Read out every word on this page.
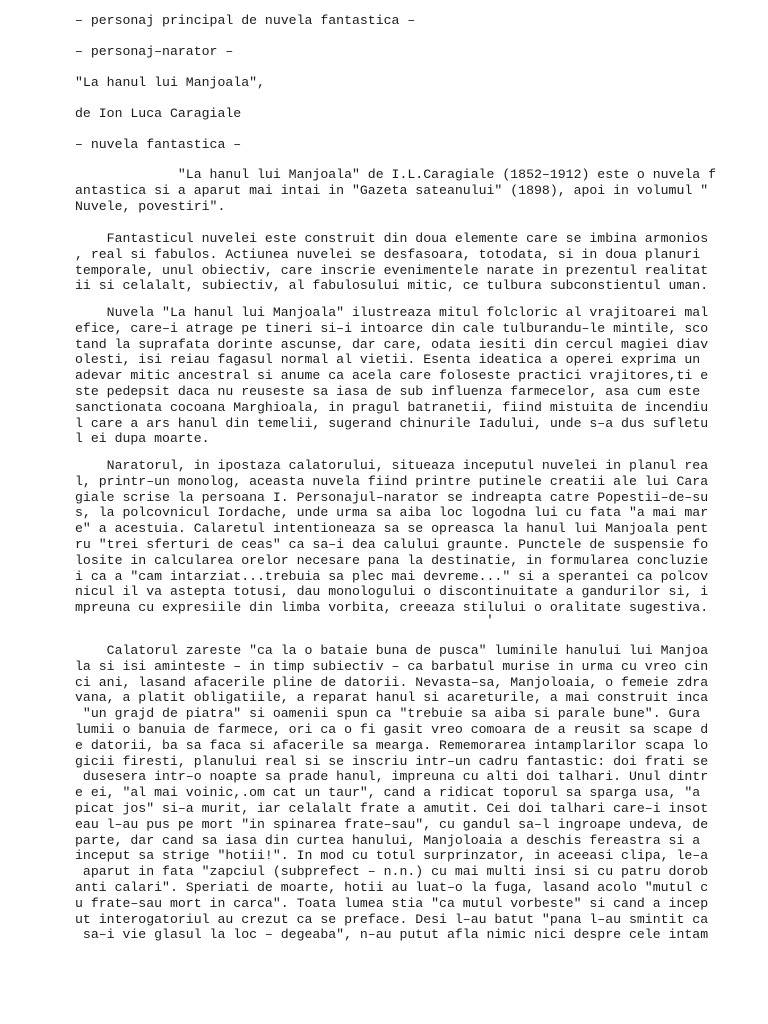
– personaj principal de nuvela fantastica –

– personaj–narator –

"La hanul lui Manjoala",

de Ion Luca Caragiale

– nuvela fantastica –

"La hanul lui Manjoala" de I.L.Caragiale (1852–1912) este o nuvela f

antastica si a aparut mai intai in "Gazeta sateanului" (1898), apoi in volumul "

Nuvele, povestiri".

Fantasticul nuvelei este construit din doua elemente care se imbina armonios

, real si fabulos. Actiunea nuvelei se desfasoara, totodata, si in doua planuri

temporale, unul obiectiv, care inscrie evenimentele narate in prezentul realitat

ii si celalalt, subiectiv, al fabulosului mitic, ce tulbura subconstientul uman.

Nuvela "La hanul lui Manjoala" ilustreaza mitul folcloric al vrajitoarei mal

efice, care–i atrage pe tineri si–i intoarce din cale tulburandu–le mintile, sco

tand la suprafata dorinte ascunse, dar care, odata iesiti din cercul magiei diav

olesti, isi reiau fagasul normal al vietii. Esenta ideatica a operei exprima un

adevar mitic ancestral si anume ca acela care foloseste practici vrajitores,ti e

ste pedepsit daca nu reuseste sa iasa de sub influenza farmecelor, asa cum este

sanctionata cocoana Marghioala, in pragul batranetii, fiind mistuita de incendiu

l care a ars hanul din temelii, sugerand chinurile Iadului, unde s–a dus sufletu

l ei dupa moarte.

Naratorul, in ipostaza calatorului, situeaza inceputul nuvelei in planul rea

l, printr–un monolog, aceasta nuvela fiind printre putinele creatii ale lui Cara

giale scrise la persoana I. Personajul–narator se indreapta catre Popestii–de–su

s, la polcovnicul Iordache, unde urma sa aiba loc logodna lui cu fata "a mai mar

e" a acestuia. Calaretul intentioneaza sa se opreasca la hanul lui Manjoala pent

ru "trei sferturi de ceas" ca sa–i dea calului graunte. Punctele de suspensie fo

losite in calcularea orelor necesare pana la destinatie, in formularea concluzie

i ca a "cam intarziat...trebuia sa plec mai devreme..." si a sperantei ca polcov

nicul il va astepta totusi, dau monologului o discontinuitate a gandurilor si, i

mpreuna cu expresiile din limba vorbita, creeaza stilului o oralitate sugestiva.

Calatorul zareste "ca la o bataie buna de pusca" luminile hanului lui Manjoa

la si isi aminteste – in timp subiectiv – ca barbatul murise in urma cu vreo cin

ci ani, lasand afacerile pline de datorii. Nevasta–sa, Manjoloaia, o femeie zdra

vana, a platit obligatiile, a reparat hanul si acareturile, a mai construit inca

"un grajd de piatra" si oamenii spun ca "trebuie sa aiba si parale bune". Gura

lumii o banuia de farmece, ori ca o fi gasit vreo comoara de a reusit sa scape d

e datorii, ba sa faca si afacerile sa mearga. Rememorarea intamplarilor scapa lo

gicii firesti, planului real si se inscriu intr–un cadru fantastic: doi frati se

dusesera intr–o noapte sa prade hanul, impreuna cu alti doi talhari. Unul dintr

e ei, "al mai voinic,.om cat un taur", cand a ridicat toporul sa sparga usa, "a

picat jos" si–a murit, iar celalalt frate a amutit. Cei doi talhari care–i insot

eau l–au pus pe mort "in spinarea frate–sau", cu gandul sa–l ingroape undeva, de

parte, dar cand sa iasa din curtea hanului, Manjoloaia a deschis fereastra si a

inceput sa strige "hotii!". In mod cu totul surprinzator, in aceeasi clipa, le–a

aparut in fata "zapciul (subprefect – n.n.) cu mai multi insi si cu patru dorob

anti calari". Speriati de moarte, hotii au luat–o la fuga, lasand acolo "mutul c

u frate–sau mort in carca". Toata lumea stia "ca mutul vorbeste" si cand a incep

ut interogatoriul au crezut ca se preface. Desi l–au batut "pana l–au smintit ca

sa–i vie glasul la loc – degeaba", n–au putut afla nimic nici despre cele intam

'
